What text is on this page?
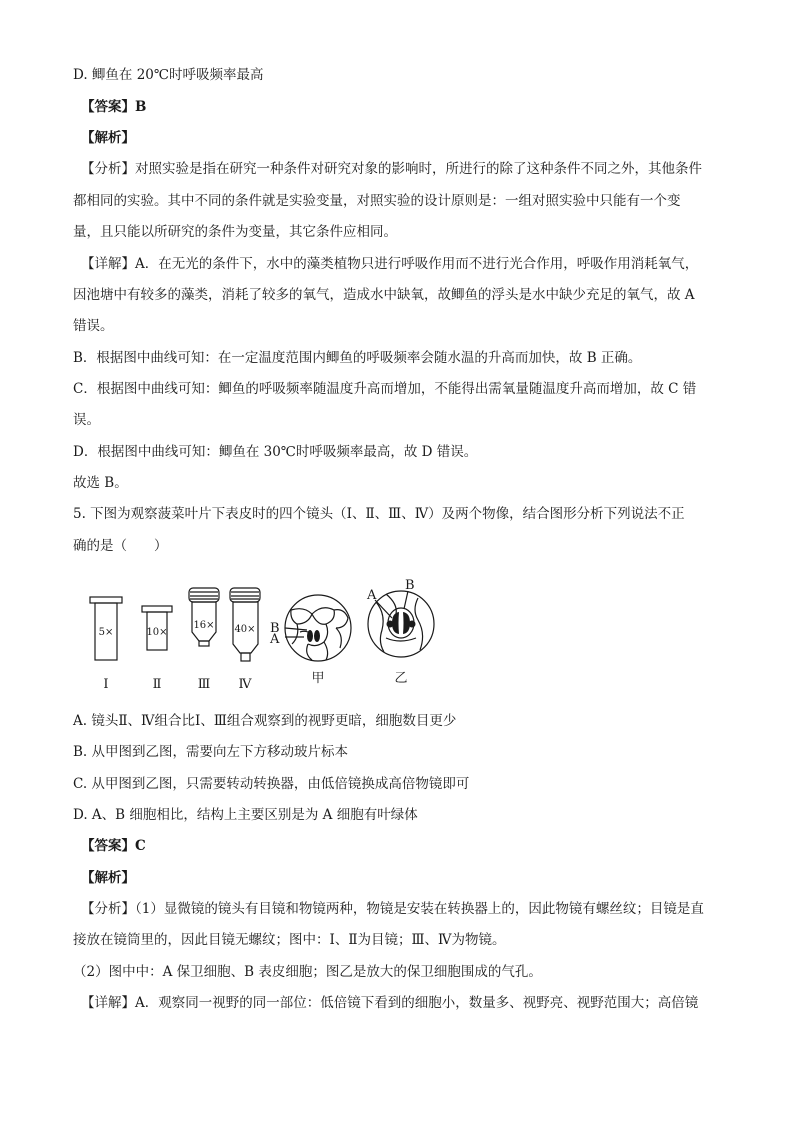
D. 鲫鱼在 20℃时呼吸频率最高
【答案】B
【解析】
【分析】对照实验是指在研究一种条件对研究对象的影响时，所进行的除了这种条件不同之外，其他条件
都相同的实验。其中不同的条件就是实验变量，对照实验的设计原则是：一组对照实验中只能有一个变
量，且只能以所研究的条件为变量，其它条件应相同。
【详解】A．在无光的条件下，水中的藻类植物只进行呼吸作用而不进行光合作用，呼吸作用消耗氧气，
因池塘中有较多的藻类，消耗了较多的氧气，造成水中缺氧，故鲫鱼的浮头是水中缺少充足的氧气，故 A
错误。
B．根据图中曲线可知：在一定温度范围内鲫鱼的呼吸频率会随水温的升高而加快，故 B 正确。
C．根据图中曲线可知：鲫鱼的呼吸频率随温度升高而增加，不能得出需氧量随温度升高而增加，故 C 错
误。
D．根据图中曲线可知：鲫鱼在 30℃时呼吸频率最高，故 D 错误。
故选 B。
5. 下图为观察菠菜叶片下表皮时的四个镜头（Ⅰ、Ⅱ、Ⅲ、Ⅳ）及两个物像，结合图形分析下列说法不正
确的是（　　）
5×	10×
16× 40×
Ⅰ	Ⅱ	Ⅲ Ⅳ	甲	乙
B
A
A
B
A. 镜头Ⅱ、Ⅳ组合比Ⅰ、Ⅲ组合观察到的视野更暗，细胞数目更少
B. 从甲图到乙图，需要向左下方移动玻片标本
C. 从甲图到乙图，只需要转动转换器，由低倍镜换成高倍物镜即可
D. A、B 细胞相比，结构上主要区别是为 A 细胞有叶绿体
【答案】C
【解析】
【分析】（1）显微镜的镜头有目镜和物镜两种，物镜是安装在转换器上的，因此物镜有螺丝纹；目镜是直
接放在镜筒里的，因此目镜无螺纹；图中：Ⅰ、Ⅱ为目镜；Ⅲ、Ⅳ为物镜。
（2）图中中：A 保卫细胞、B 表皮细胞；图乙是放大的保卫细胞围成的气孔。
【详解】A．观察同一视野的同一部位：低倍镜下看到的细胞小，数量多、视野亮、视野范围大；高倍镜
